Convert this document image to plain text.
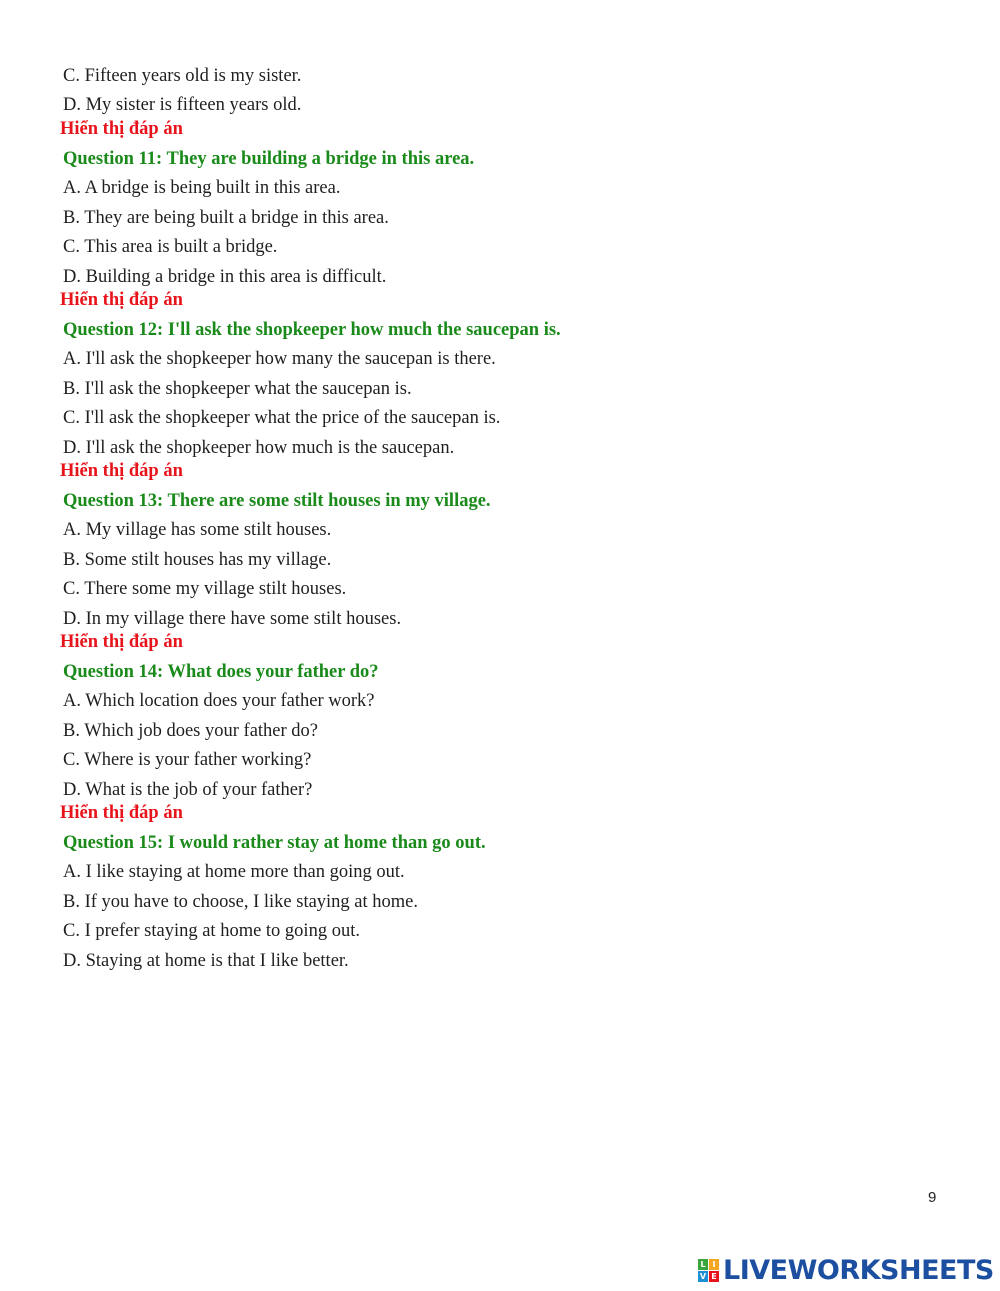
C. Fifteen years old is my sister.
D. My sister is fifteen years old.
Hiển thị đáp án
Question 11: They are building a bridge in this area.
A. A bridge is being built in this area.
B. They are being built a bridge in this area.
C. This area is built a bridge.
D. Building a bridge in this area is difficult.
Hiển thị đáp án
Question 12: I'll ask the shopkeeper how much the saucepan is.
A. I'll ask the shopkeeper how many the saucepan is there.
B. I'll ask the shopkeeper what the saucepan is.
C. I'll ask the shopkeeper what the price of the saucepan is.
D. I'll ask the shopkeeper how much is the saucepan.
Hiển thị đáp án
Question 13: There are some stilt houses in my village.
A. My village has some stilt houses.
B. Some stilt houses has my village.
C. There some my village stilt houses.
D. In my village there have some stilt houses.
Hiển thị đáp án
Question 14: What does your father do?
A. Which location does your father work?
B. Which job does your father do?
C. Where is your father working?
D. What is the job of your father?
Hiển thị đáp án
Question 15: I would rather stay at home than go out.
A. I like staying at home more than going out.
B. If you have to choose, I like staying at home.
C. I prefer staying at home to going out.
D. Staying at home is that I like better.
9
L I
V E LIVEWORKSHEETS
